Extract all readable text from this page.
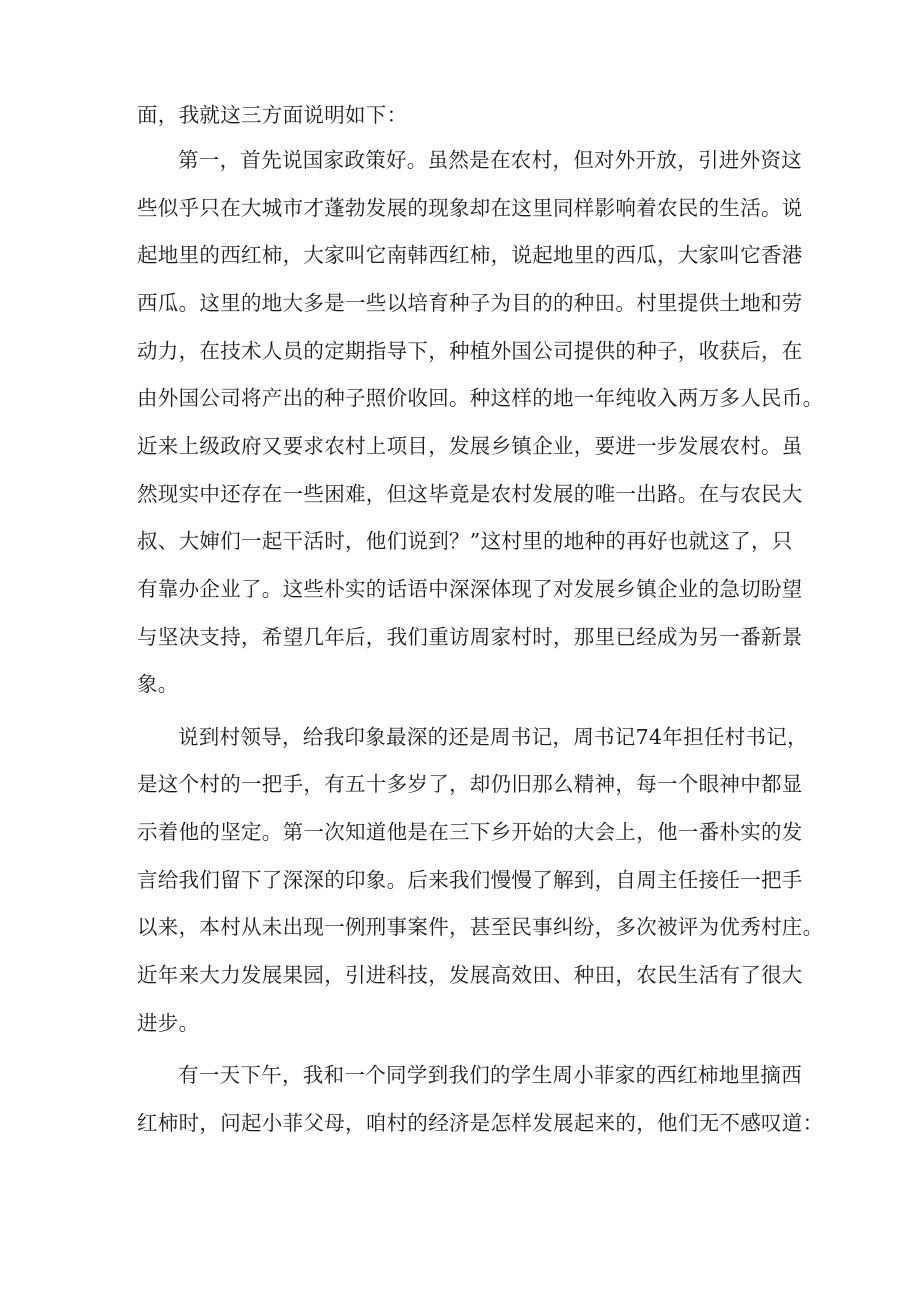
面，我就这三方面说明如下：
第一，首先说国家政策好。虽然是在农村，但对外开放，引进外资这
些似乎只在大城市才蓬勃发展的现象却在这里同样影响着农民的生活。说
起地里的西红柿，大家叫它南韩西红柿，说起地里的西瓜，大家叫它香港
西瓜。这里的地大多是一些以培育种子为目的的种田。村里提供土地和劳
动力，在技术人员的定期指导下，种植外国公司提供的种子，收获后，在
由外国公司将产出的种子照价收回。种这样的地一年纯收入两万多人民币。
近来上级政府又要求农村上项目，发展乡镇企业，要进一步发展农村。虽
然现实中还存在一些困难，但这毕竟是农村发展的唯一出路。在与农民大
叔、大婶们一起干活时，他们说到？”这村里的地种的再好也就这了，只
有靠办企业了。这些朴实的话语中深深体现了对发展乡镇企业的急切盼望
与坚决支持，希望几年后，我们重访周家村时，那里已经成为另一番新景
象。
说到村领导，给我印象最深的还是周书记，周书记74年担任村书记，
是这个村的一把手，有五十多岁了，却仍旧那么精神，每一个眼神中都显
示着他的坚定。第一次知道他是在三下乡开始的大会上，他一番朴实的发
言给我们留下了深深的印象。后来我们慢慢了解到，自周主任接任一把手
以来，本村从未出现一例刑事案件，甚至民事纠纷，多次被评为优秀村庄。
近年来大力发展果园，引进科技，发展高效田、种田，农民生活有了很大
进步。
有一天下午，我和一个同学到我们的学生周小菲家的西红柿地里摘西
红柿时，问起小菲父母，咱村的经济是怎样发展起来的，他们无不感叹道：
